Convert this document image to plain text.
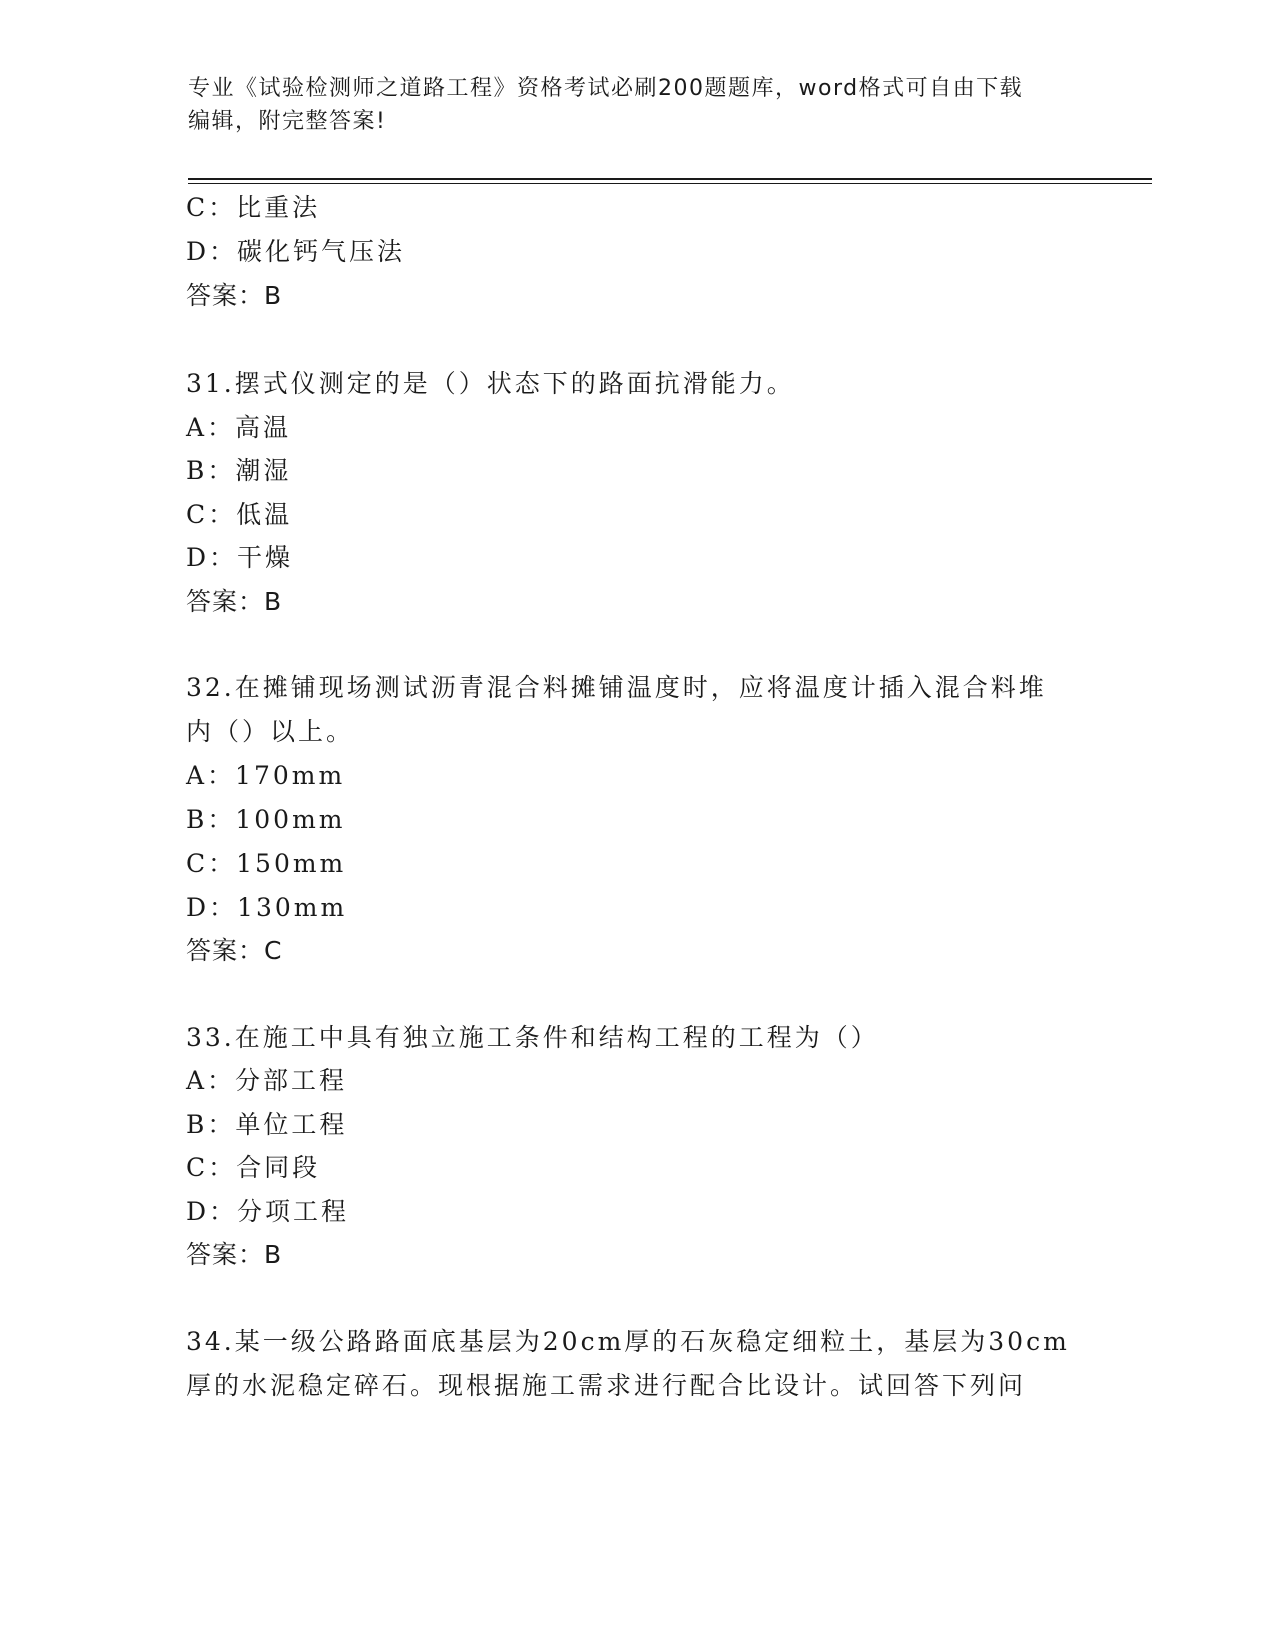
专业《试验检测师之道路工程》资格考试必刷200题题库，word格式可自由下载
编辑，附完整答案!
C：比重法
D：碳化钙气压法
答案：B
31.摆式仪测定的是（）状态下的路面抗滑能力。
A：高温
B：潮湿
C：低温
D：干燥
答案：B
32.在摊铺现场测试沥青混合料摊铺温度时，应将温度计插入混合料堆
内（）以上。
A：170mm
B：100mm
C：150mm
D：130mm
答案：C
33.在施工中具有独立施工条件和结构工程的工程为（）
A：分部工程
B：单位工程
C：合同段
D：分项工程
答案：B
34.某一级公路路面底基层为20cm厚的石灰稳定细粒土，基层为30cm
厚的水泥稳定碎石。现根据施工需求进行配合比设计。试回答下列问
